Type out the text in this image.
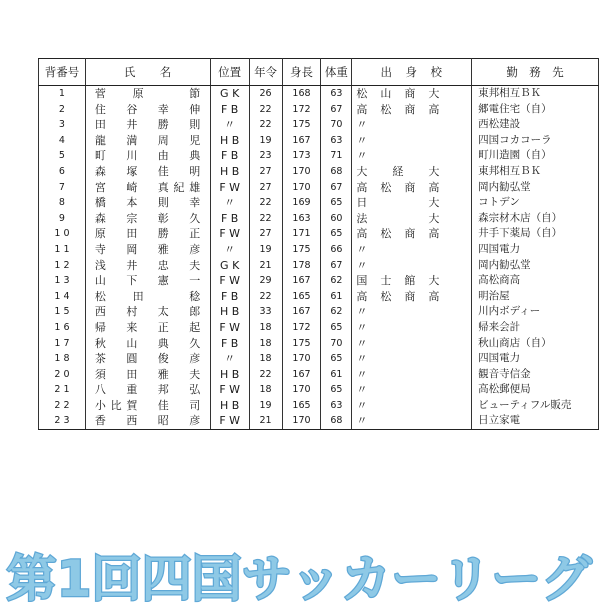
背番号	氏　　名	位置	年令	身長	体重	出　身　校	勤　務　先
1	菅　原　　節	G K	26	168	63	松　山　商　大	東邦相互ＢＫ
2	住　谷　幸　伸	F B	22	172	67	高　松　商　高	郷電住宅（自）
3	田　井　勝　則	〃	22	175	70	〃	西松建設
4	龍　満　周　児	H B	19	167	63	〃	四国コカコーラ
5	町　川　由　典	F B	23	173	71	〃	町川造園（自）
6	森　塚　佳　明	H B	27	170	68	大　　経　　大	東邦相互ＢＫ
7	宮　崎　真紀雄	F W	27	170	67	高　松　商　高	岡内勧弘堂
8	橋　本　則　幸	〃	22	169	65	日　　　　　大	コトデン
9	森　宗　彰　久	F B	22	163	60	法　　　　　大	森宗材木店（自）
1 0	原　田　勝　正	F W	27	171	65	高　松　商　高	井手下薬局（自）
1 1	寺　岡　雅　彦	〃	19	175	66	〃	四国電力
1 2	浅　井　忠　夫	G K	21	178	67	〃	岡内勧弘堂
1 3	山　下　憲　一	F W	29	167	62	国　士　館　大	高松商高
1 4	松　田　　稔	F B	22	165	61	高　松　商　高	明治屋
1 5	西　村　太　郎	H B	33	167	62	〃	川内ボディー
1 6	帰　来　正　起	F W	18	172	65	〃	帰来会計
1 7	秋　山　典　久	F B	18	175	70	〃	秋山商店（自）
1 8	茶　圓　俊　彦	〃	18	170	65	〃	四国電力
2 0	須　田　雅　夫	H B	22	167	61	〃	観音寺信金
2 1	八　重　邦　弘	F W	18	170	65	〃	高松郵便局
2 2	小比賀　佳　司	H B	19	165	63	〃	ビューティフル販売
2 3	香　西　昭　彦	F W	21	170	68	〃	日立家電
第1回四国サッカーリーグ
